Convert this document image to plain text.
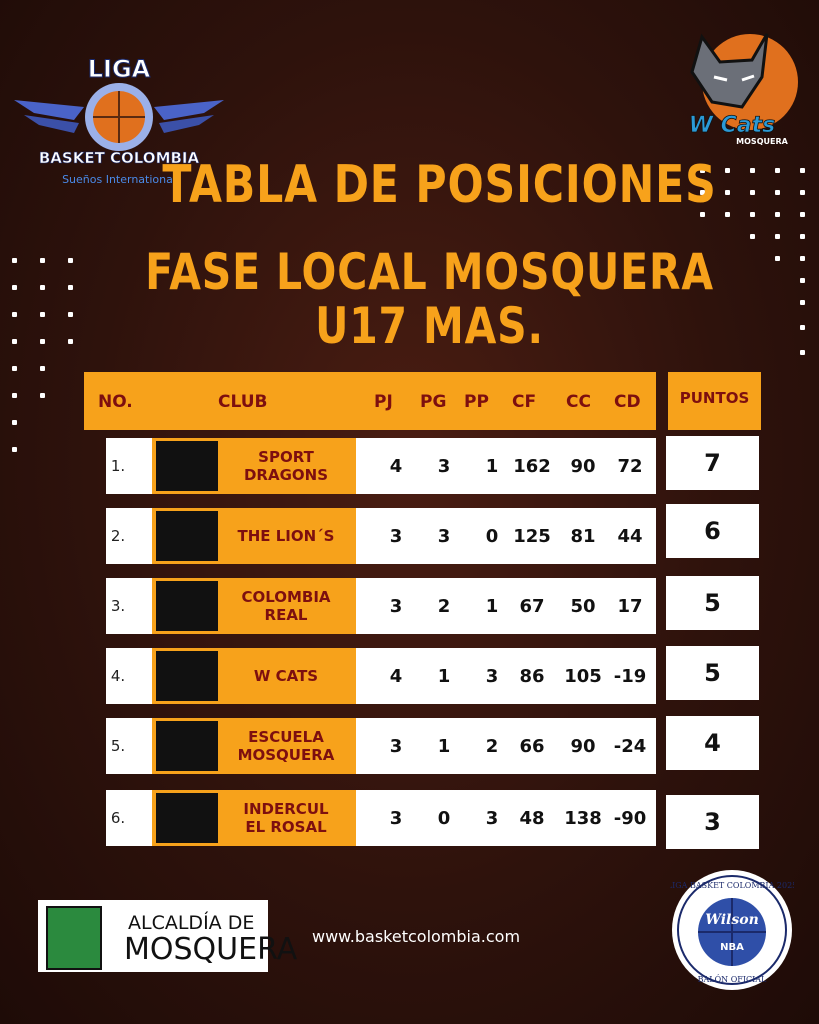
LIGA
BASKET COLOMBIA
Sueños International
W Cats
MOSQUERA
TABLA DE POSICIONES
FASE LOCAL MOSQUERA
U17 MAS.
NO.	CLUB	PJ PG PP CF CC CD	PUNTOS
1.	SPORT
DRAGONS	4	3	1 162	90	72	7
2.	THE LION´S	3	3	0 125	81	44	6
3.	COLOMBIA
REAL	3	2	1	67	50	17	5
4.	W CATS	4	1	3	86	105 -19	5
5.	ESCUELA
MOSQUERA	3	1	2	66	90	-24	4
6.	INDERCUL
EL ROSAL	3	0	3	48	138 -90	3
ALCALDÍA DE
MOSQUERA www.basketcolombia.com
LIGA BASKET COLOMBIA 2025
Wilson
NBA
BALÓN OFICIAL
